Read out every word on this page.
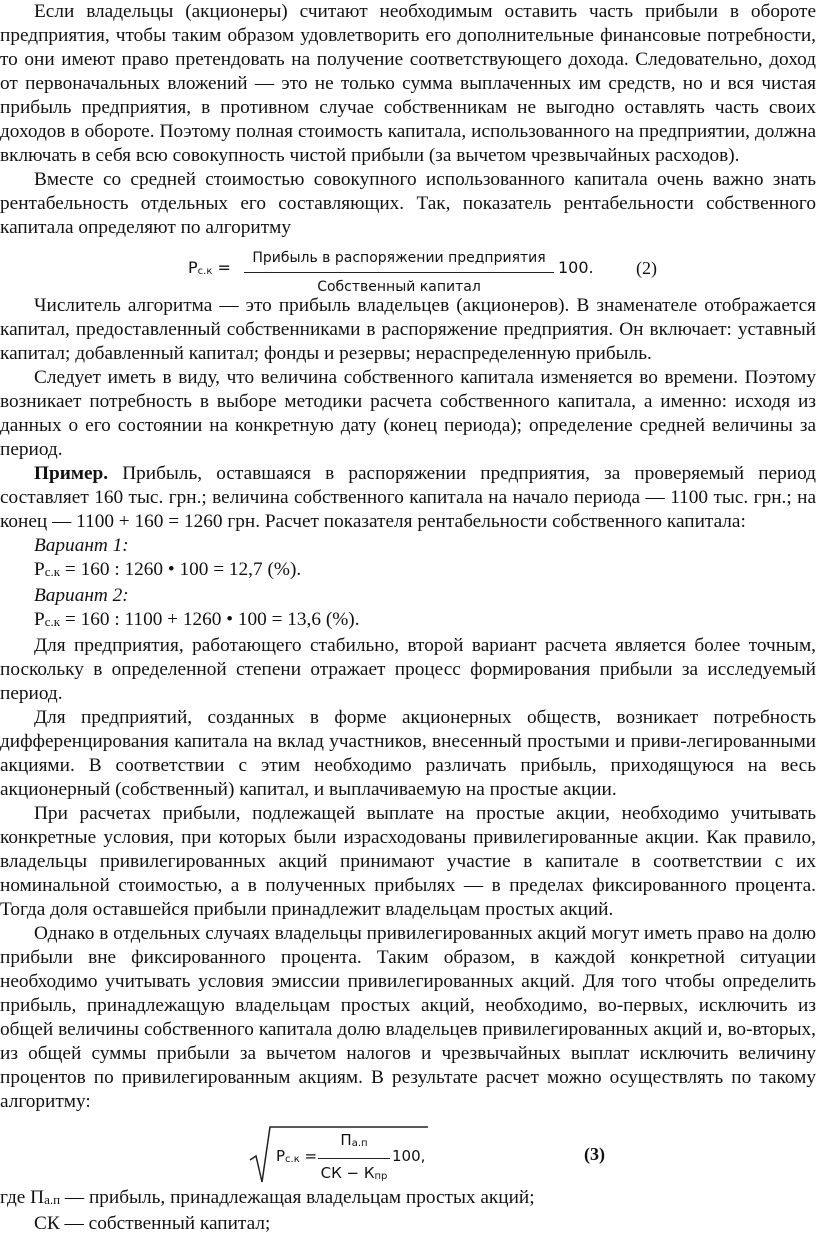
Если владельцы (акционеры) считают необходимым оставить часть прибыли в обороте предприятия, чтобы таким образом удовлетворить его дополнительные финансовые потребности, то они имеют право претендовать на получение соответствующего дохода. Следовательно, доход от первоначальных вложений — это не только сумма выплаченных им средств, но и вся чистая прибыль предприятия, в противном случае собственникам не выгодно оставлять часть своих доходов в обороте. Поэтому полная стоимость капитала, использованного на предприятии, должна включать в себя всю совокупность чистой прибыли (за вычетом чрезвычайных расходов).

Вместе со средней стоимостью совокупного использованного капитала очень важно знать рентабельность отдельных его составляющих. Так, показатель рентабельности собственного капитала определяют по алгоритму

Рс.к =	Прибыль в распоряжении предприятия
Собственный капитал
100. (2)

Числитель алгоритма — это прибыль владельцев (акционеров). В знаменателе отображается капитал, предоставленный собственниками в распоряжение предприятия. Он включает: уставный капитал; добавленный капитал; фонды и резервы; нераспределенную прибыль.

Следует иметь в виду, что величина собственного капитала изменяется во времени. Поэтому возникает потребность в выборе методики расчета собственного капитала, а именно: исходя из данных о его состоянии на конкретную дату (конец периода); определение средней величины за период.

Пример. Прибыль, оставшаяся в распоряжении предприятия, за проверяемый период составляет 160 тыс. грн.; величина собственного капитала на начало периода — 1100 тыс. грн.; на конец — 1100 + 160 = 1260 грн. Расчет показателя рентабельности собственного капитала:

Вариант 1:

Рс.к = 160 : 1260 • 100 = 12,7 (%).

Вариант 2:

Рс.к = 160 : 1100 + 1260 • 100 = 13,6 (%).

Для предприятия, работающего стабильно, второй вариант расчета является более точным, поскольку в определенной степени отражает процесс формирования прибыли за исследуемый период.

Для предприятий, созданных в форме акционерных обществ, возникает потребность дифференцирования капитала на вклад участников, внесенный простыми и приви-легированными акциями. В соответствии с этим необходимо различать прибыль, приходящуюся на весь акционерный (собственный) капитал, и выплачиваемую на простые акции.

При расчетах прибыли, подлежащей выплате на простые акции, необходимо учитывать конкретные условия, при которых были израсходованы привилегированные акции. Как правило, владельцы привилегированных акций принимают участие в капитале в соответствии с их номинальной стоимостью, а в полученных прибылях — в пределах фиксированного процента. Тогда доля оставшейся прибыли принадлежит владельцам простых акций.

Однако в отдельных случаях владельцы привилегированных акций могут иметь право на долю прибыли вне фиксированного процента. Таким образом, в каждой конкретной ситуации необходимо учитывать условия эмиссии привилегированных акций. Для того чтобы определить прибыль, принадлежащую владельцам простых акций, необходимо, во-первых, исключить из общей величины собственного капитала долю владельцев привилегированных акций и, во-вторых, из общей суммы прибыли за вычетом налогов и чрезвычайных выплат исключить величину процентов по привилегированным акциям. В результате расчет можно осуществлять по такому алгоритму:

Рс.к =
Па.п
СК − Кпр
100,	(3)

где Па.п — прибыль, принадлежащая владельцам простых акций;

СК — собственный капитал;
